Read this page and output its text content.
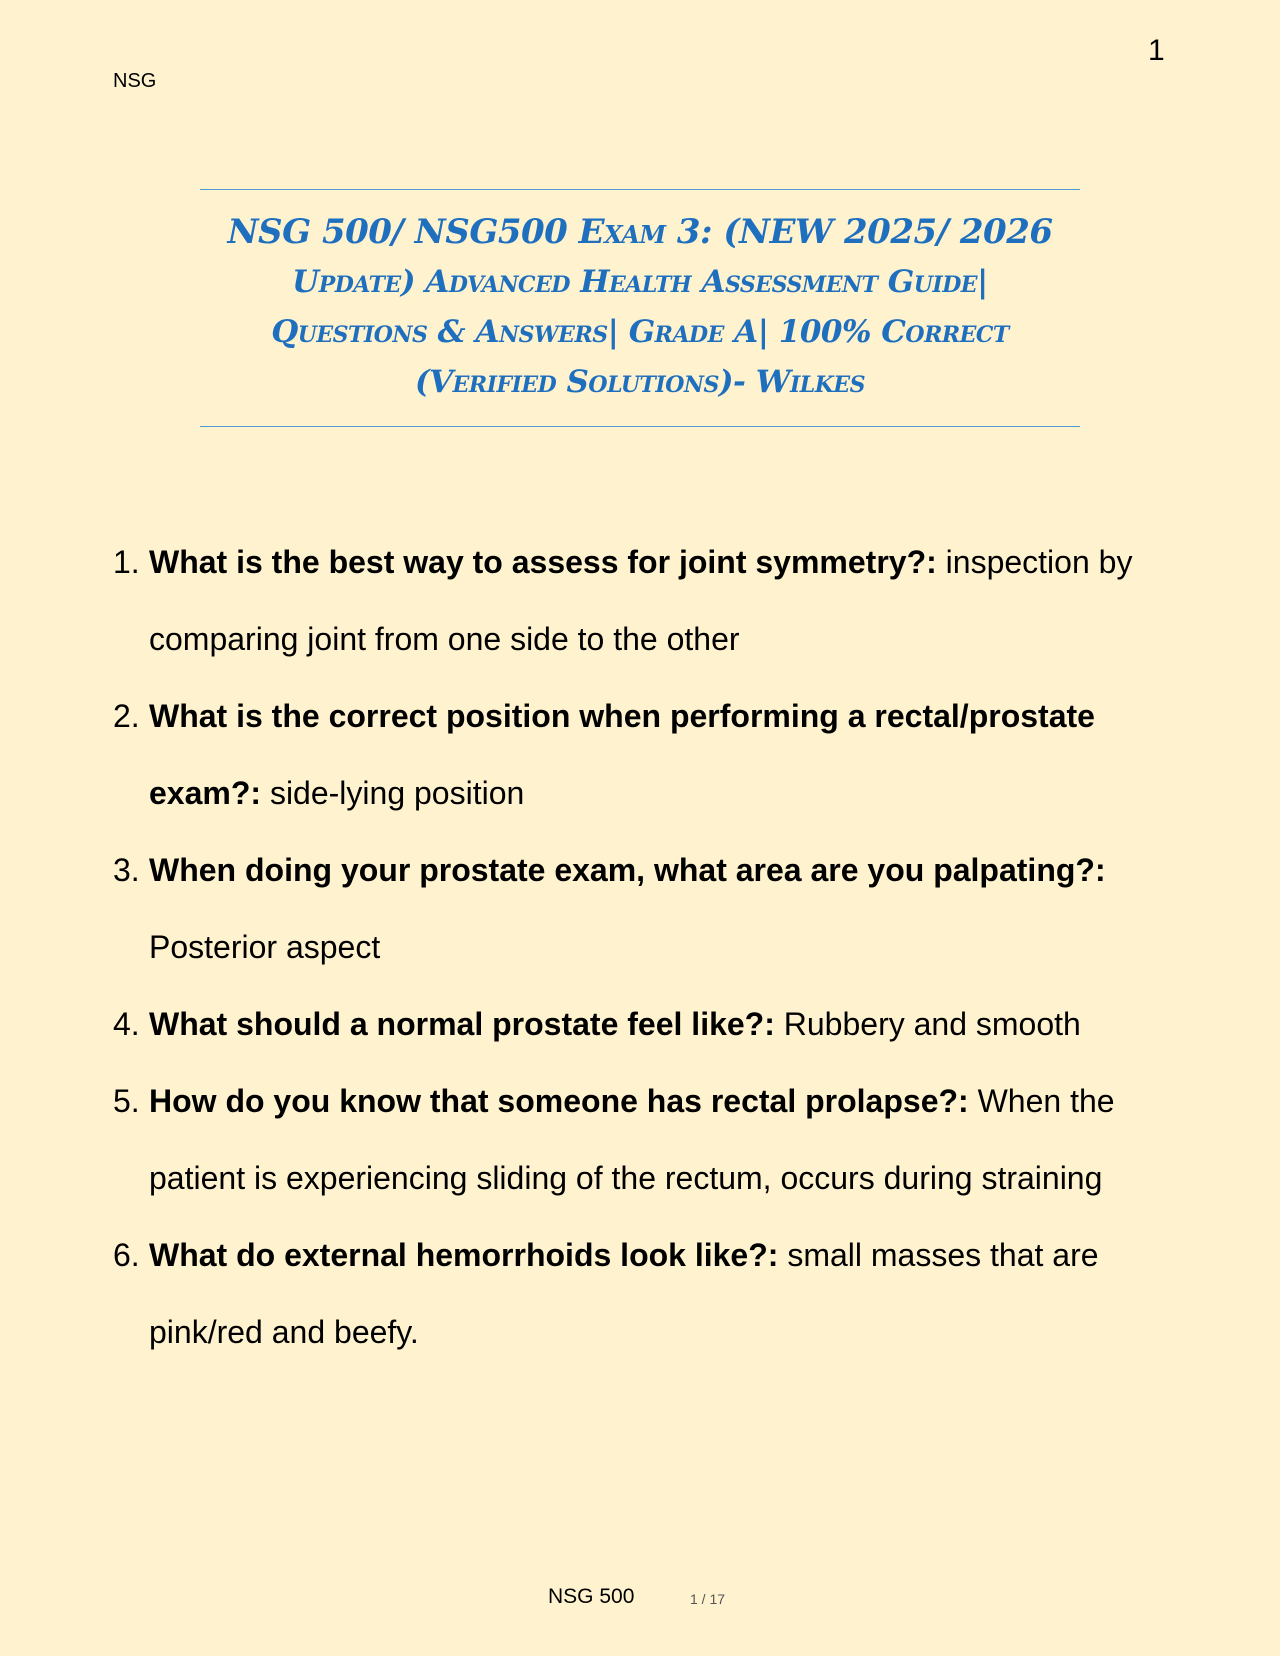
NSG
1
NSG 500/ NSG500 Exam 3: (NEW 2025/ 2026
Update) Advanced Health Assessment Guide|
Questions & Answers| Grade A| 100% Correct
(Verified Solutions)- Wilkes
1. What is the best way to assess for joint symmetry?: inspection by comparing joint from one side to the other
2. What is the correct position when performing a rectal/prostate exam?: side-lying position
3. When doing your prostate exam, what area are you palpating?: Posterior aspect
4. What should a normal prostate feel like?: Rubbery and smooth
5. How do you know that someone has rectal prolapse?: When the patient is experiencing sliding of the rectum, occurs during straining
6. What do external hemorrhoids look like?: small masses that are pink/red and beefy.
NSG 500	1 / 17
